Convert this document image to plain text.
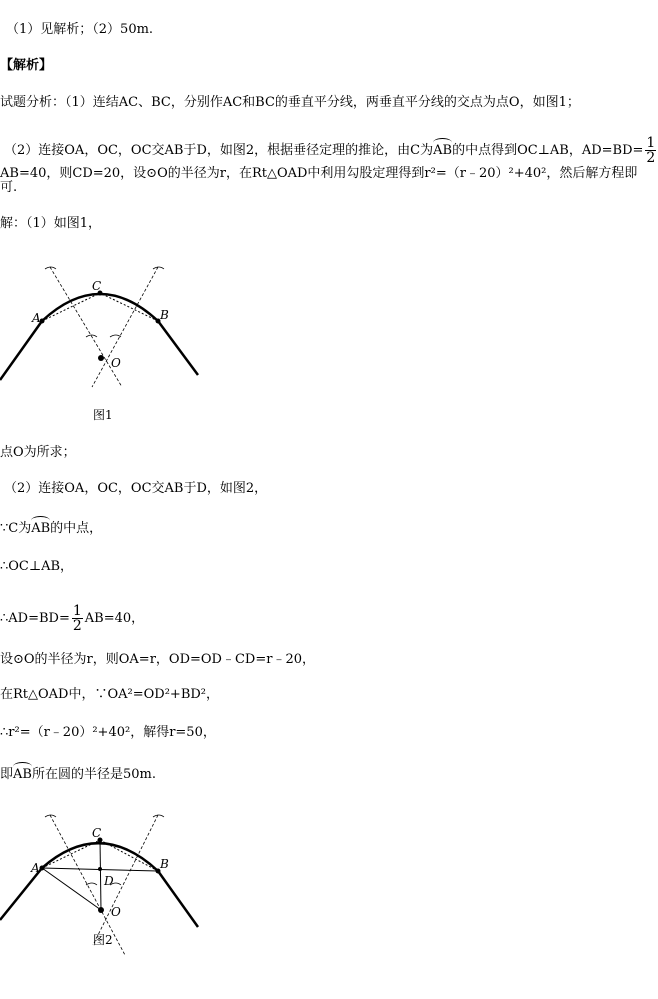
（1）见解析；（2）50m.
【解析】
试题分析：（1）连结AC、BC，分别作AC和BC的垂直平分线，两垂直平分线的交点为点O，如图1；
（2）连接OA，OC，OC交AB于D，如图2，根据垂径定理的推论，由C为AB的中点得到OC⊥AB，$AD=BD= \frac{1}{2}$
AB=40，则CD=20，设⊙O的半径为r，在Rt△OAD中利用勾股定理得到r²=（r﹣20）²+40²，然后解方程即
可.
解：（1）如图1，
A
C
B
O
图1
点O为所求；
（2）连接OA，OC，OC交AB于D，如图2，
∵C为AB的中点，
∴OC⊥AB，
∴AD=BD= $\frac{1}{2} AB=40$，
设⊙O的半径为r，则OA=r，OD=OD﹣CD=r﹣20，
在Rt△OAD中，∵OA²=OD²+BD²，
∴r²=（r﹣20）²+40²，解得r=50，
即AB所在圆的半径是50m.
A
C
B
D
O
图2
